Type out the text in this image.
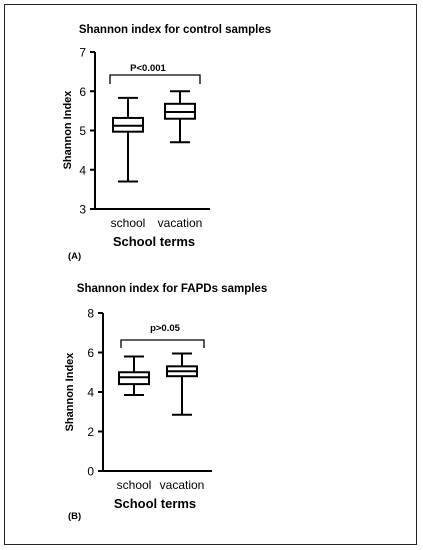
Shannon index for control samples
Shannon Index
School terms
(A)
P<0.001
3
4
5
6
7
school vacation
Shannon index for FAPDs samples
Shannon Index
School terms
(B)
p>0.05
0
2
4
6
8
school vacation
